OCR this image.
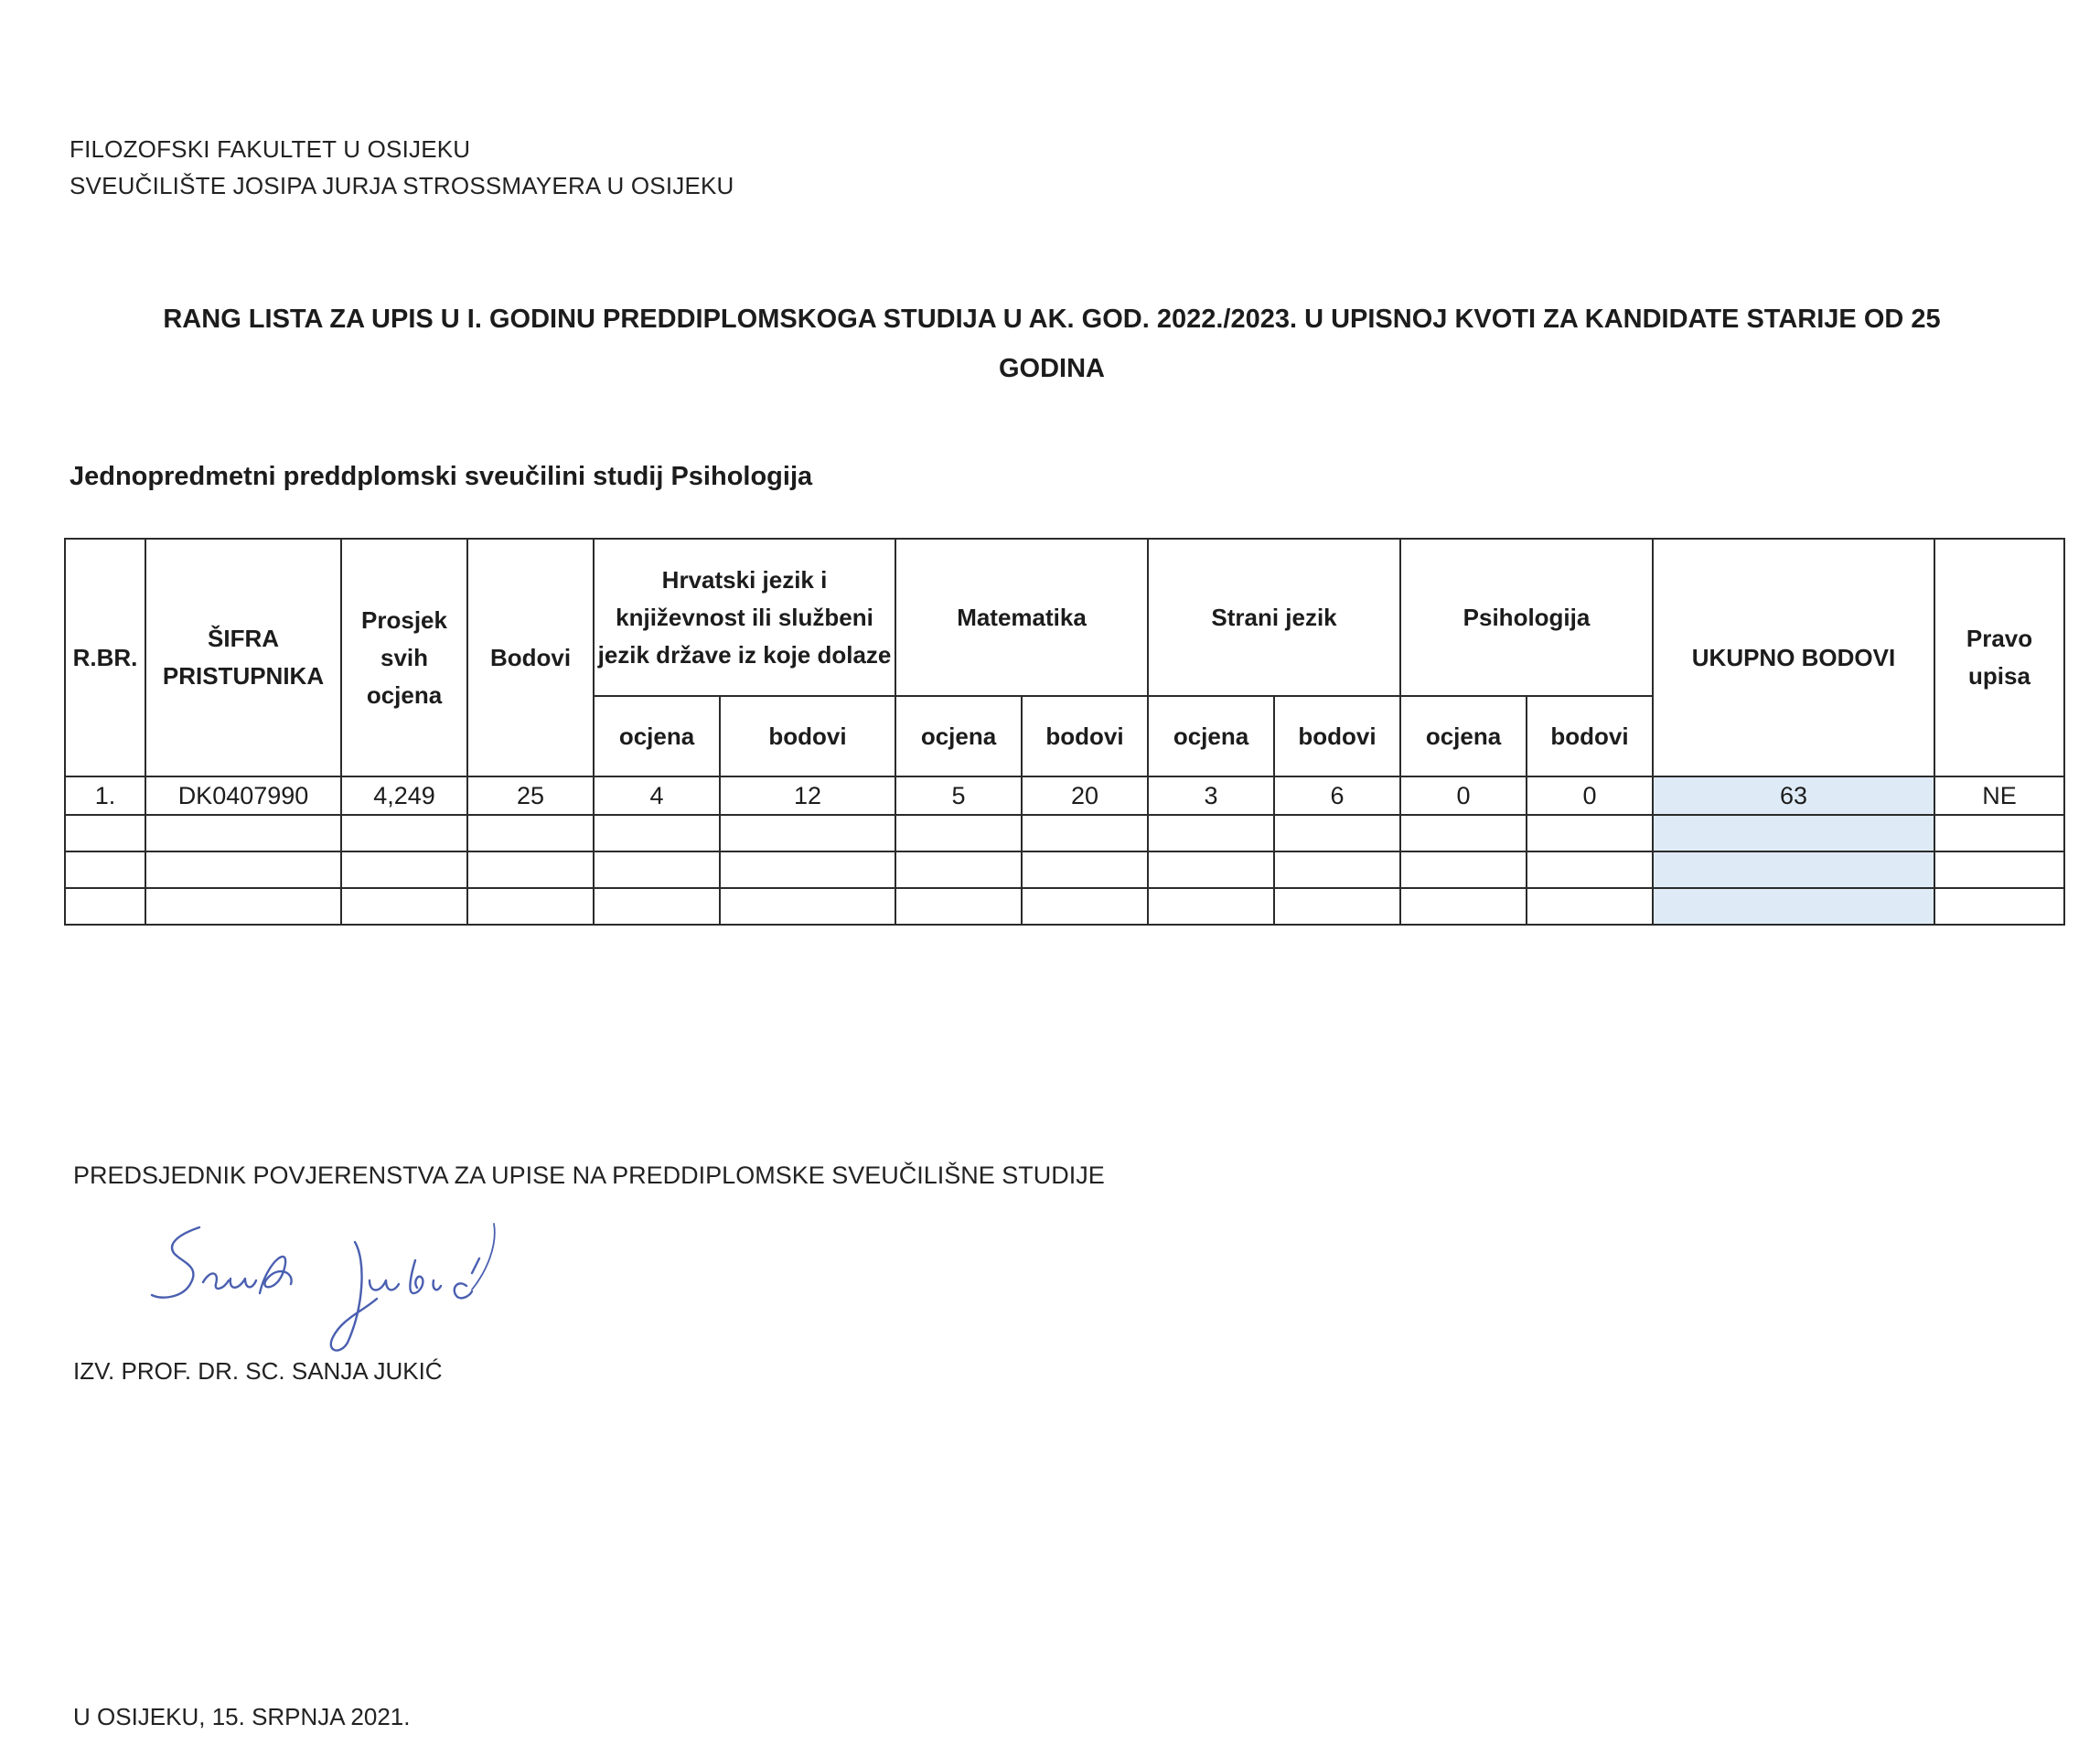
FILOZOFSKI FAKULTET U OSIJEKU
SVEUČILIŠTE JOSIPA JURJA STROSSMAYERA U OSIJEKU
RANG LISTA ZA UPIS U I. GODINU PREDDIPLOMSKOGA STUDIJA U AK. GOD. 2022./2023. U UPISNOJ KVOTI ZA KANDIDATE STARIJE OD 25
GODINA
Jednopredmetni preddplomski sveučilini studij Psihologija
R.BR.	ŠIFRA PRISTUPNIKA	Prosjek svih ocjena	Bodovi	Hrvatski jezik i književnost ili službeni jezik države iz koje dolaze		Matematika		Strani jezik		Psihologija		UKUPNO BODOVI	Pravo upisa
				ocjena	bodovi	ocjena	bodovi	ocjena	bodovi	ocjena	bodovi		
1.	DK0407990	4,249	25	4	12	5	20	3	6	0	0	63	NE

PREDSJEDNIK POVJERENSTVA ZA UPISE NA PREDDIPLOMSKE SVEUČILIŠNE STUDIJE
IZV. PROF. DR. SC. SANJA JUKIĆ
U OSIJEKU, 15. SRPNJA 2021.
